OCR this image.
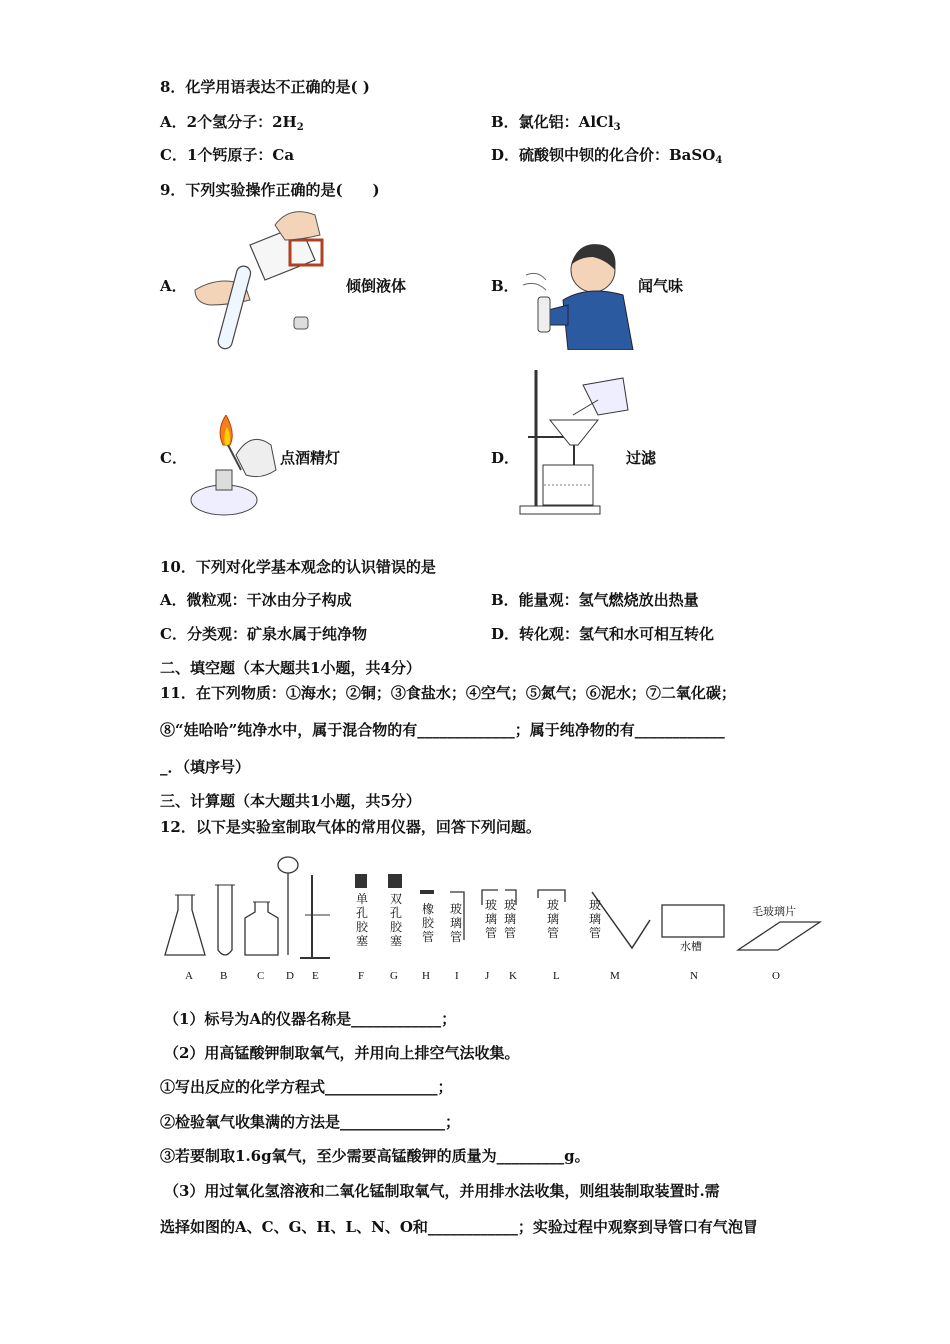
8．化学用语表达不正确的是( )
A．2个氢分子：$2H_2$	B．氯化铝：AlCl$_3$
C．1个钙原子：Ca	D．硫酸钡中钡的化合价：BaSO$_4$
9．下列实验操作正确的是(　　)
A．	倾倒液体	B．	闻气味
C．	点酒精灯	D．	过滤
10．下列对化学基本观念的认识错误的是
A．微粒观：干冰由分子构成	B．能量观：氢气燃烧放出热量
C．分类观：矿泉水属于纯净物	D．转化观：氢气和水可相互转化
二、填空题（本大题共1小题，共4分）
11．在下列物质：①海水；②铜；③食盐水；④空气；⑤氮气；⑥泥水；⑦二氧化碳；
⑧“娃哈哈”纯净水中，属于混合物的有_____________；属于纯净物的有____________
_．（填序号）
三、计算题（本大题共1小题，共5分）
12．以下是实验室制取气体的常用仪器，回答下列问题。
单孔胶塞
双孔胶塞
橡胶管
玻璃管
玻璃管
玻璃管
玻璃管
玻璃管
水槽
毛玻璃片
A B	C D E	F G H I J K	L	M	N	O
（1）标号为A的仪器名称是____________；
（2）用高锰酸钾制取氧气，并用向上排空气法收集。
①写出反应的化学方程式_______________；
②检验氧气收集满的方法是______________；
③若要制取1.6g氧气，至少需要高锰酸钾的质量为_________g。
（3）用过氧化氢溶液和二氧化锰制取氧气，并用排水法收集，则组装制取装置时.需
选择如图的A、C、G、H、L、N、O和____________；实验过程中观察到导管口有气泡冒
